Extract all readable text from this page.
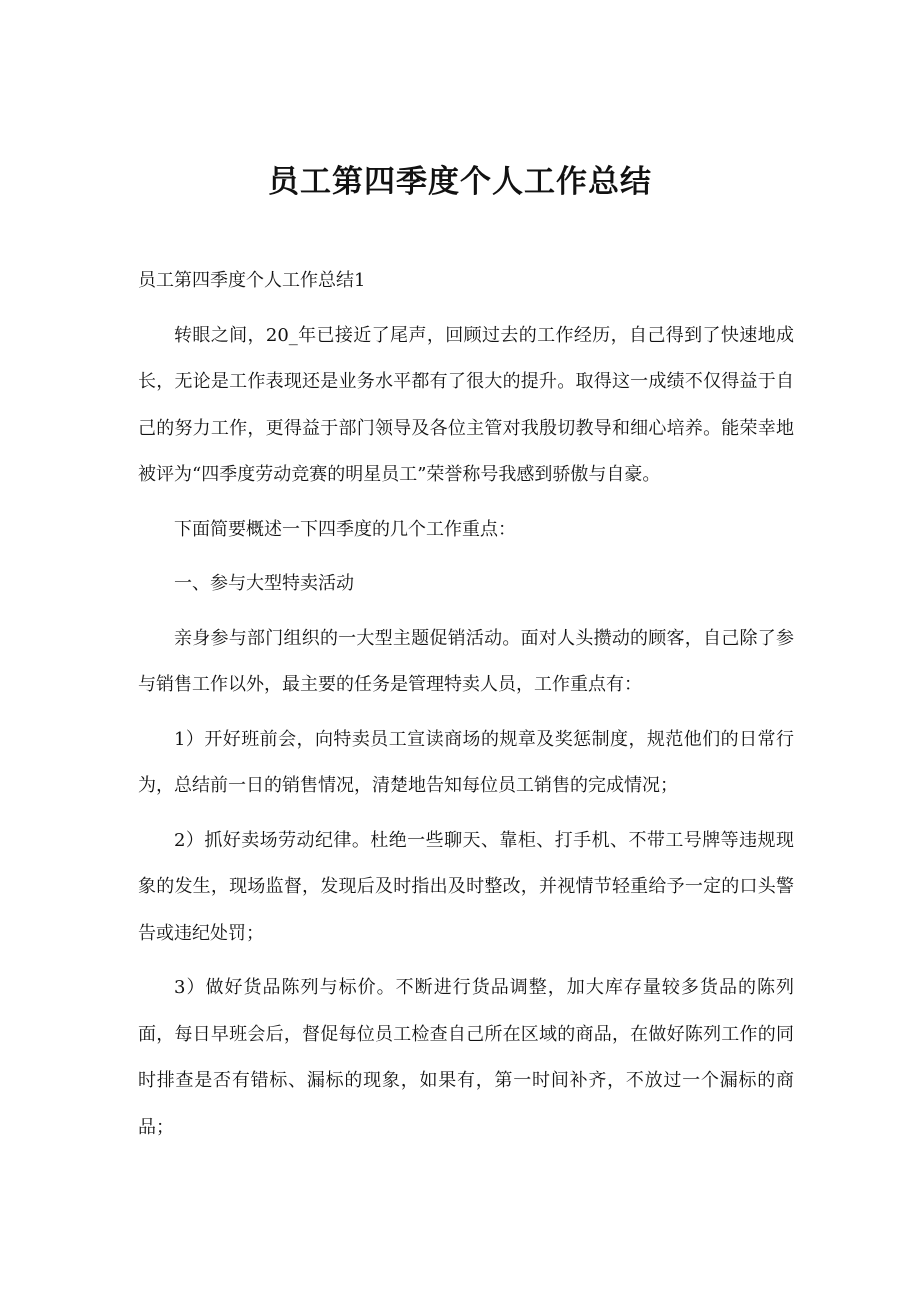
员工第四季度个人工作总结

员工第四季度个人工作总结1

转眼之间，20_年已接近了尾声，回顾过去的工作经历，自己得到了快速地成长，无论是工作表现还是业务水平都有了很大的提升。取得这一成绩不仅得益于自己的努力工作，更得益于部门领导及各位主管对我殷切教导和细心培养。能荣幸地被评为“四季度劳动竞赛的明星员工”荣誉称号我感到骄傲与自豪。

下面简要概述一下四季度的几个工作重点：

一、参与大型特卖活动

亲身参与部门组织的一大型主题促销活动。面对人头攒动的顾客，自己除了参与销售工作以外，最主要的任务是管理特卖人员，工作重点有：

1）开好班前会，向特卖员工宣读商场的规章及奖惩制度，规范他们的日常行为，总结前一日的销售情况，清楚地告知每位员工销售的完成情况；

2）抓好卖场劳动纪律。杜绝一些聊天、靠柜、打手机、不带工号牌等违规现象的发生，现场监督，发现后及时指出及时整改，并视情节轻重给予一定的口头警告或违纪处罚；

3）做好货品陈列与标价。不断进行货品调整，加大库存量较多货品的陈列面，每日早班会后，督促每位员工检查自己所在区域的商品，在做好陈列工作的同时排查是否有错标、漏标的现象，如果有，第一时间补齐，不放过一个漏标的商品；
